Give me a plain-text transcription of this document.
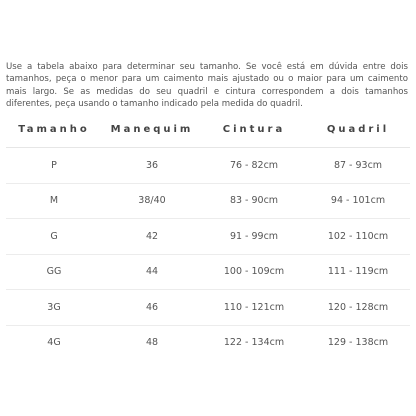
Use a tabela abaixo para determinar seu tamanho. Se você está em dúvida entre dois tamanhos, peça o menor para um caimento mais ajustado ou o maior para um caimento mais largo. Se as medidas do seu quadril e cintura correspondem a dois tamanhos diferentes, peça usando o tamanho indicado pela medida do quadril.

Tamanho	Manequim	Cintura	Quadril
P	36	76 - 82cm	87 - 93cm
M	38/40	83 - 90cm	94 - 101cm
G	42	91 - 99cm	102 - 110cm
GG	44	100 - 109cm	111 - 119cm
3G	46	110 - 121cm	120 - 128cm
4G	48	122 - 134cm	129 - 138cm
